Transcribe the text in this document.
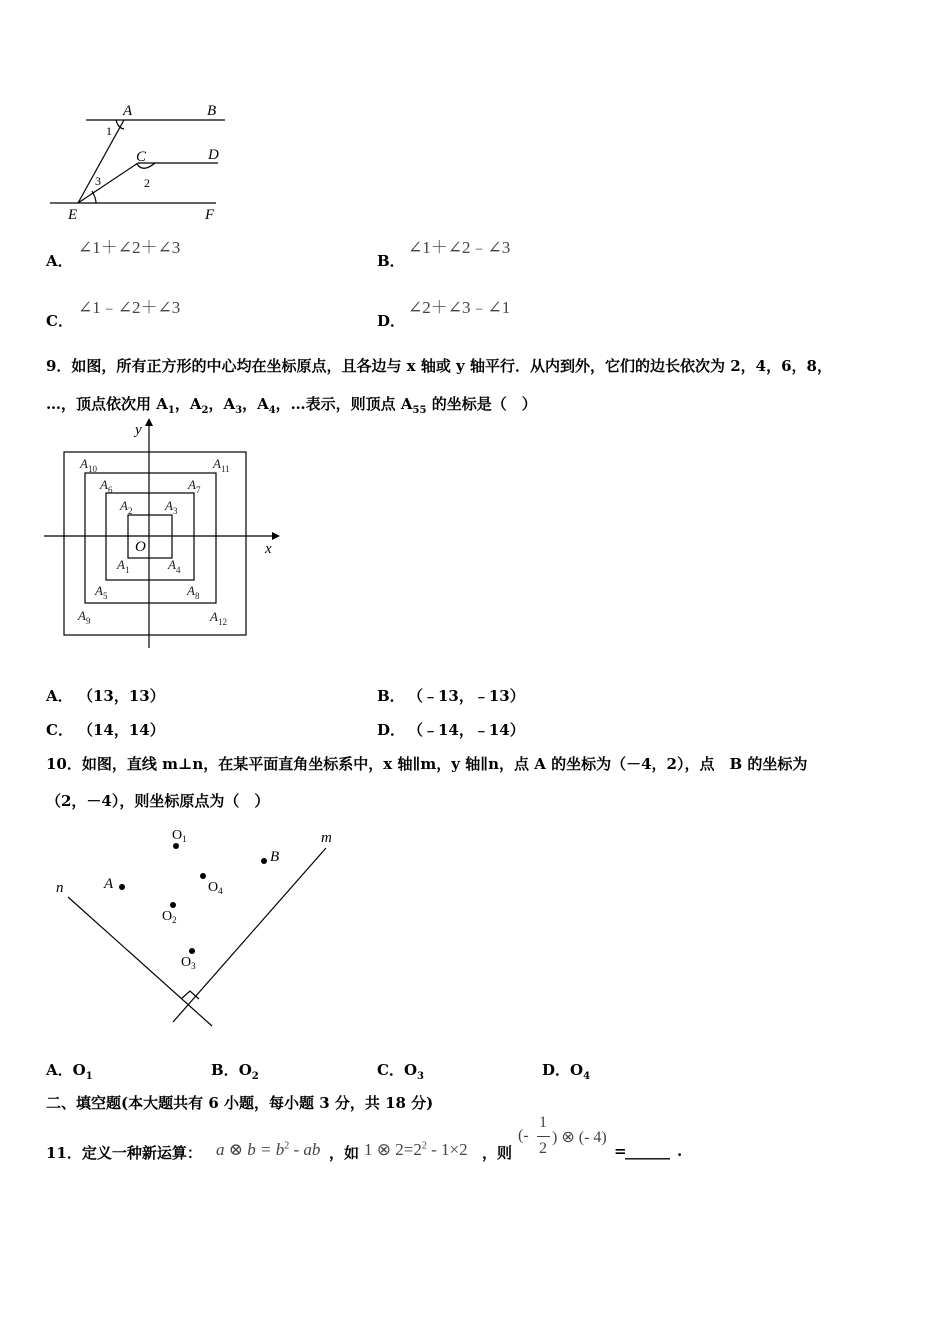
A	B
C	D
E	F
1
2
3
A．
∠1＋∠2＋∠3
B．
∠1＋∠2﹣∠3
C．
∠1﹣∠2＋∠3
D．
∠2＋∠3﹣∠1
9．如图，所有正方形的中心均在坐标原点，且各边与 x 轴或 y 轴平行．从内到外，它们的边长依次为 2，4，6，8，
…，顶点依次用 $A_1$，$A_2$，$A_3$，$A_4$，…表示，则顶点 $A_{55}$ 的坐标是（　）
y
x
O
$A_1$
$A_2$	$A_3$
$A_4$
$A_5$
$A_6$	$A_7$
$A_8$
$A_9$
$A_{10}$	$A_{11}$
$A_{12}$
A． （13，13）	B． （﹣13，﹣13）
C． （14，14）	D． （﹣14，﹣14）
10．如图，直线 m⊥n，在某平面直角坐标系中，x 轴∥m，y 轴∥n，点 A 的坐标为（－4，2），点　B 的坐标为
（2，－4），则坐标原点为（　）
m
n	A
B
$O_1$
$O_2$
$O_3$
$O_4$
A．$O_1$	B．$O_2$	C．$O_3$	D．$O_4$
二、填空题(本大题共有 6 小题，每小题 3 分，共 18 分)
11．定义一种新运算： a ⊗ $b = b^2$ - ab ，如 1 ⊗ $2=2^2 - 1\times 2$ ，则
(-
1
2
) ⊗ (- 4)
=
______ .
